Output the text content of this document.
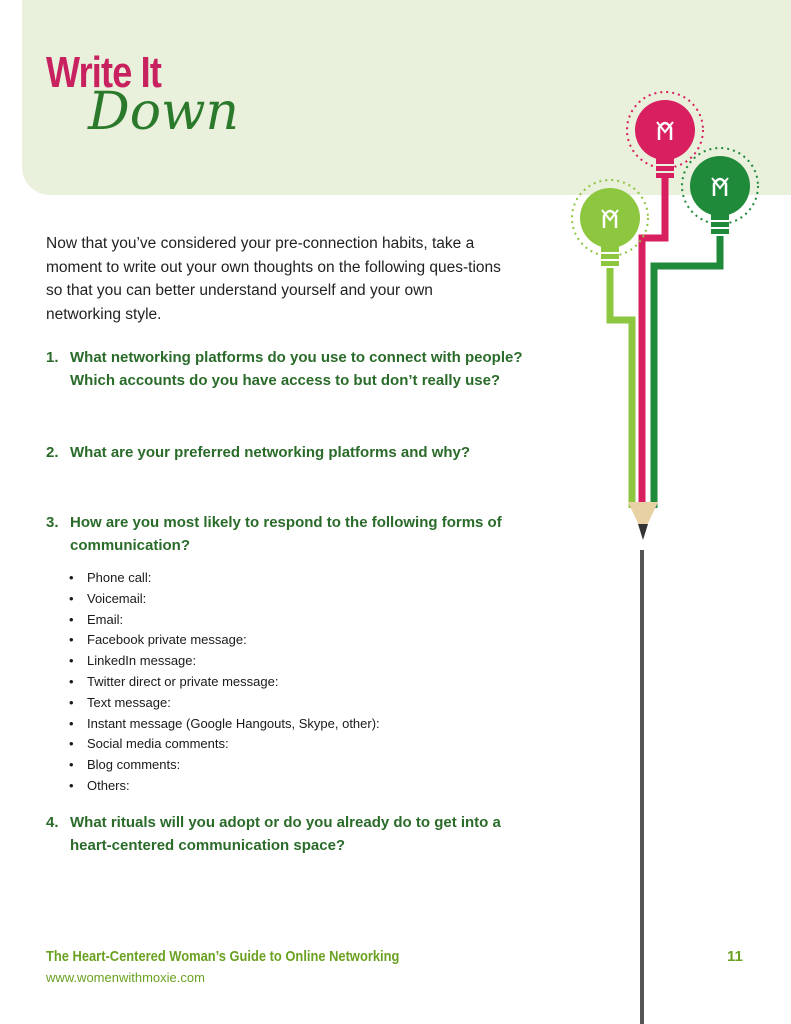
Write It
Down

Now that you’ve considered your pre-connection habits, take a moment to write out your own thoughts on the following ques-tions so that you can better understand yourself and your own networking style.

1. What networking platforms do you use to connect with people? Which accounts do you have access to but don’t really use?
2. What are your preferred networking platforms and why?
3. How are you most likely to respond to the following forms of communication?
• Phone call:
• Voicemail:
• Email:
• Facebook private message:
• LinkedIn message:
• Twitter direct or private message:
• Text message:
• Instant message (Google Hangouts, Skype, other):
• Social media comments:
• Blog comments:
• Others:
4. What rituals will you adopt or do you already do to get into a heart-centered communication space?
The Heart-Centered Woman’s Guide to Online Networking
www.womenwithmoxie.com
11
